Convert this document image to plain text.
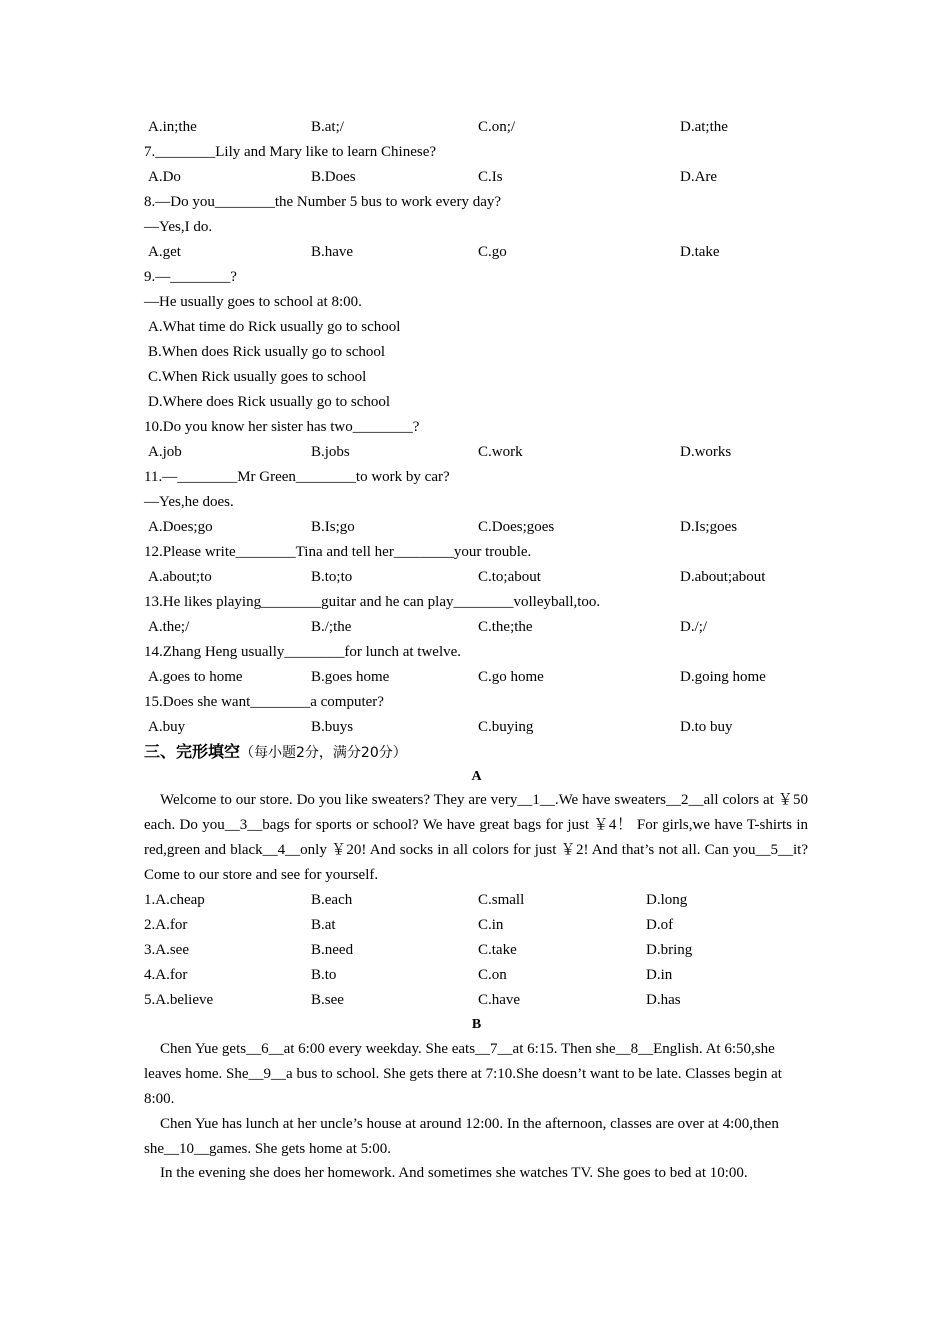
A.in;the	B.at;/	C.on;/	D.at;the
7.________Lily and Mary like to learn Chinese?
A.Do	B.Does	C.Is	D.Are
8.—Do you________the Number 5 bus to work every day?
—Yes,I do.
A.get	B.have	C.go	D.take
9.—________?
—He usually goes to school at 8:00.
A.What time do Rick usually go to school
B.When does Rick usually go to school
C.When Rick usually goes to school
D.Where does Rick usually go to school
10.Do you know her sister has two________?
A.job	B.jobs	C.work	D.works
11.—________Mr Green________to work by car?
—Yes,he does.
A.Does;go	B.Is;go	C.Does;goes	D.Is;goes
12.Please write________Tina and tell her________your trouble.
A.about;to	B.to;to	C.to;about	D.about;about
13.He likes playing________guitar and he can play________volleyball,too.
A.the;/	B./;the	C.the;the	D./;/
14.Zhang Heng usually________for lunch at twelve.
A.goes to home	B.goes home	C.go home	D.going home
15.Does she want________a computer?
A.buy	B.buys	C.buying	D.to buy
三、完形填空（每小题2分，满分20分）
A
Welcome to our store. Do you like sweaters? They are very__1__.We have sweaters__2__all colors at ￥50 each. Do you__3__bags for sports or school? We have great bags for just ￥4！ For girls,we have T-shirts in red,green and black__4__only ￥20! And socks in all colors for just ￥2! And that’s not all. Can you__5__it?Come to our store and see for yourself.
1.A.cheap	B.each	C.small	D.long
2.A.for	B.at	C.in	D.of
3.A.see	B.need	C.take	D.bring
4.A.for	B.to	C.on	D.in
5.A.believe	B.see	C.have	D.has
B
Chen Yue gets__6__at 6:00 every weekday. She eats__7__at 6:15. Then she__8__English. At 6:50,she leaves home. She__9__a bus to school. She gets there at 7:10.She doesn’t want to be late. Classes begin at 8:00.
Chen Yue has lunch at her uncle’s house at around 12:00. In the afternoon, classes are over at 4:00,then she__10__games. She gets home at 5:00.
In the evening she does her homework. And sometimes she watches TV. She goes to bed at 10:00.
